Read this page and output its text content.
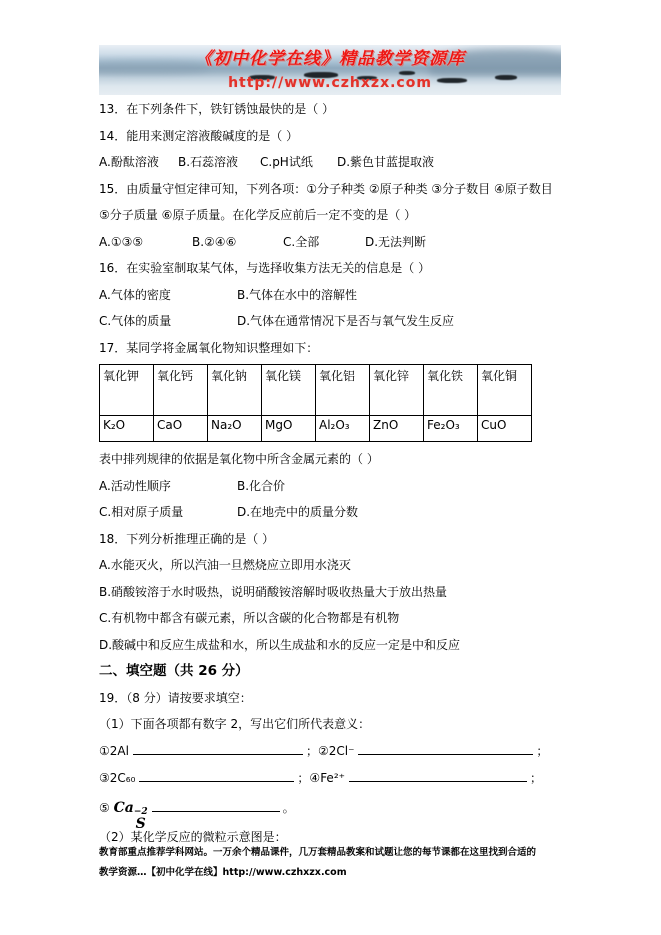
《初中化学在线》精品教学资源库
http://www.czhxzx.com

13．在下列条件下，铁钉锈蚀最快的是（ ）

14．能用来测定溶液酸碱度的是（ ）

A.酚酞溶液 B.石蕊溶液 C.pH试纸 D.紫色甘蓝提取液

15．由质量守恒定律可知，下列各项：①分子种类 ②原子种类 ③分子数目 ④原子数目

⑤分子质量 ⑥原子质量。在化学反应前后一定不变的是（ ）

A.①③⑤	B.②④⑥	C.全部	D.无法判断

16．在实验室制取某气体，与选择收集方法无关的信息是（ ）

A.气体的密度	B.气体在水中的溶解性

C.气体的质量	D.气体在通常情况下是否与氧气发生反应

17．某同学将金属氧化物知识整理如下：

氧化钾	氧化钙	氧化钠	氧化镁	氧化铝	氧化锌	氧化铁	氧化铜
K₂O	CaO	Na₂O	MgO	Al₂O₃	ZnO	Fe₂O₃	CuO

表中排列规律的依据是氧化物中所含金属元素的（ ）

A.活动性顺序	B.化合价

C.相对原子质量	D.在地壳中的质量分数

18．下列分析推理正确的是（ ）

A.水能灭火，所以汽油一旦燃烧应立即用水浇灭

B.硝酸铵溶于水时吸热，说明硝酸铵溶解时吸收热量大于放出热量

C.有机物中都含有碳元素，所以含碳的化合物都是有机物

D.酸碱中和反应生成盐和水，所以生成盐和水的反应一定是中和反应

二、填空题（共 26 分）

19．（8 分）请按要求填空：

（1）下面各项都有数字 2，写出它们所代表意义：

①2Al	；②2Cl⁻	；

③2C₆₀	；④Fe²⁺	；

⑤ Ca −2
S
。

（2）某化学反应的微粒示意图是：

教育部重点推荐学科网站。一万余个精品课件，几万套精品教案和试题让您的每节课都在这里找到合适的
教学资源…【初中化学在线】http://www.czhxzx.com
